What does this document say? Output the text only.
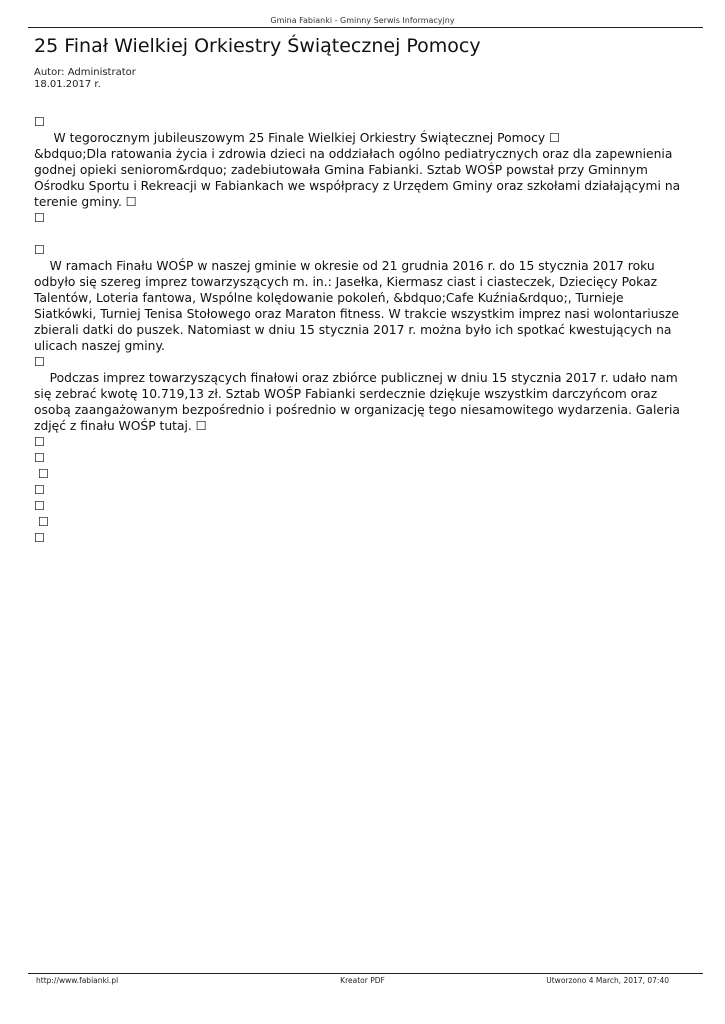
Gmina Fabianki - Gminny Serwis Informacyjny
25 Finał Wielkiej Orkiestry Świątecznej Pomocy
Autor: Administrator
18.01.2017 r.
☐
W tegorocznym jubileuszowym 25 Finale Wielkiej Orkiestry Świątecznej Pomocy ☐
&bdquo;Dla ratowania życia i zdrowia dzieci na oddziałach ogólno pediatrycznych oraz dla zapewnienia
godnej opieki seniorom&rdquo; zadebiutowała Gmina Fabianki. Sztab WOŚP powstał przy Gminnym
Ośrodku Sportu i Rekreacji w Fabiankach we współpracy z Urzędem Gminy oraz szkołami działającymi na
terenie gminy. ☐
☐
☐
W ramach Finału WOŚP w naszej gminie w okresie od 21 grudnia 2016 r. do 15 stycznia 2017 roku
odbyło się szereg imprez towarzyszących m. in.: Jasełka, Kiermasz ciast i ciasteczek, Dziecięcy Pokaz
Talentów, Loteria fantowa, Wspólne kolędowanie pokoleń, &bdquo;Cafe Kuźnia&rdquo;, Turnieje
Siatkówki, Turniej Tenisa Stołowego oraz Maraton fitness. W trakcie wszystkim imprez nasi wolontariusze
zbierali datki do puszek. Natomiast w dniu 15 stycznia 2017 r. można było ich spotkać kwestujących na
ulicach naszej gminy.
☐
Podczas imprez towarzyszących finałowi oraz zbiórce publicznej w dniu 15 stycznia 2017 r. udało nam
się zebrać kwotę 10.719,13 zł. Sztab WOŚP Fabianki serdecznie dziękuje wszystkim darczyńcom oraz
osobą zaangażowanym bezpośrednio i pośrednio w organizację tego niesamowitego wydarzenia. Galeria
zdjęć z finału WOŚP tutaj. ☐
☐
☐
☐
☐
☐
☐
☐
http://www.fabianki.pl	Kreator PDF	Utworzono 4 March, 2017, 07:40
